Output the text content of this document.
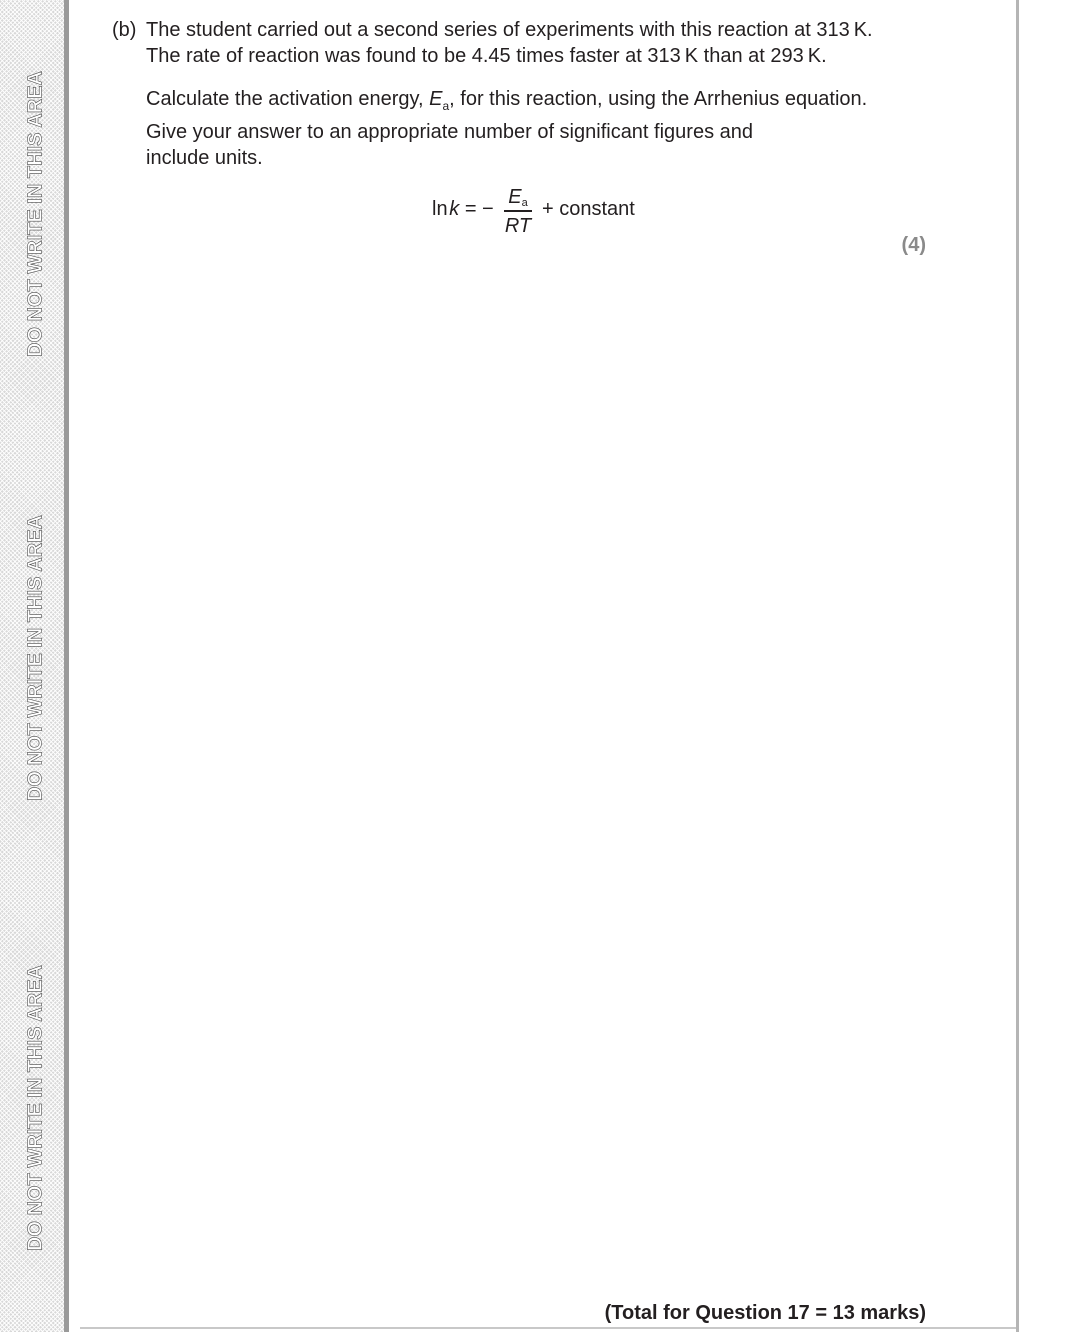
DO NOT WRITE IN THIS AREA
DO NOT WRITE IN THIS AREA
DO NOT WRITE IN THIS AREA
(b) The student carried out a second series of experiments with this reaction at 313 K.
The rate of reaction was found to be 4.45 times faster at 313 K than at 293 K.
Calculate the activation energy, $E_a$, for this reaction, using the Arrhenius equation.
Give your answer to an appropriate number of significant figures and
include units.
ln k = −
$E_a$
RT
+ constant
(4)
(Total for Question 17 = 13 marks)
